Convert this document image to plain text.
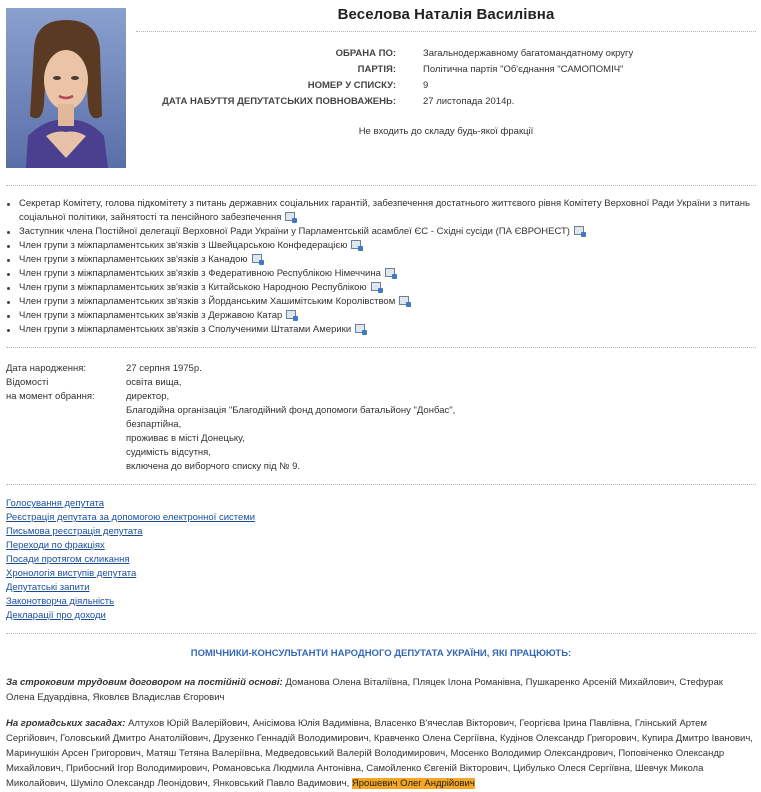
Веселова Наталія Василівна
ОБРАНА ПО:	Загальнодержавному багатомандатному округу
ПАРТІЯ:	Політична партія "Об'єднання "САМОПОМІЧ"
НОМЕР У СПИСКУ:	9
ДАТА НАБУТТЯ ДЕПУТАТСЬКИХ ПОВНОВАЖЕНЬ:	27 листопада 2014р.
Не входить до складу будь-якої фракції
Секретар Комітету, голова підкомітету з питань державних соціальних гарантій, забезпечення достатнього життєвого рівня Комітету Верховної Ради України з питань соціальної політики, зайнятості та пенсійного забезпечення
Заступник члена Постійної делегації Верховної Ради України у Парламентській асамблеї ЄС - Східні сусіди (ПА ЄВРОНЕСТ)
Член групи з міжпарламентських зв'язків з Швейцарською Конфедерацією
Член групи з міжпарламентських зв'язків з Канадою
Член групи з міжпарламентських зв'язків з Федеративною Республікою Німеччина
Член групи з міжпарламентських зв'язків з Китайською Народною Республікою
Член групи з міжпарламентських зв'язків з Йорданським Хашимітським Королівством
Член групи з міжпарламентських зв'язків з Державою Катар
Член групи з міжпарламентських зв'язків з Сполученими Штатами Америки
Дата народження:	27 серпня 1975р.
Відомості
на момент обрання:
освіта вища,
директор,
Благодійна організація "Благодійний фонд допомоги батальйону "Донбас",
безпартійна,
проживає в місті Донецьку,
судимість відсутня,
включена до виборчого списку під № 9.
Голосування депутата
Реєстрація депутата за допомогою електронної системи
Письмова реєстрація депутата
Переходи по фракціях
Посади протягом скликання
Хронологія виступів депутата
Депутатські запити
Законотворча діяльність
Декларації про доходи
ПОМІЧНИКИ-КОНСУЛЬТАНТИ НАРОДНОГО ДЕПУТАТА УКРАЇНИ, ЯКІ ПРАЦЮЮТЬ:
За строковим трудовим договором на постійній основі: Доманова Олена Віталіївна, Пляцек Ілона Романівна, Пушкаренко Арсеній Михайлович, Стефурак Олена Едуардівна, Яковлєв Владислав Єгорович
На громадських засадах: Алтухов Юрій Валерійович, Анісімова Юлія Вадимівна, Власенко В'ячеслав Вікторович, Георгієва Ірина Павлівна, Глінський Артем Сергійович, Головський Дмитро Анатолійович, Друзенко Геннадій Володимирович, Кравченко Олена Сергіївна, Кудінов Олександр Григорович, Купира Дмитро Іванович, Маринушкін Арсен Григорович, Матяш Тетяна Валеріївна, Медведовський Валерій Володимирович, Мосенко Володимир Олександрович, Поповіченко Олександр Михайлович, Прибосний Ігор Володимирович, Романовська Людмила Антонівна, Самойленко Євгеній Вікторович, Цибулько Олеся Сергіївна, Шевчук Микола Миколайович, Шуміло Олександр Леонідович, Янковський Павло Вадимович, Ярошевич Олег Андрійович
